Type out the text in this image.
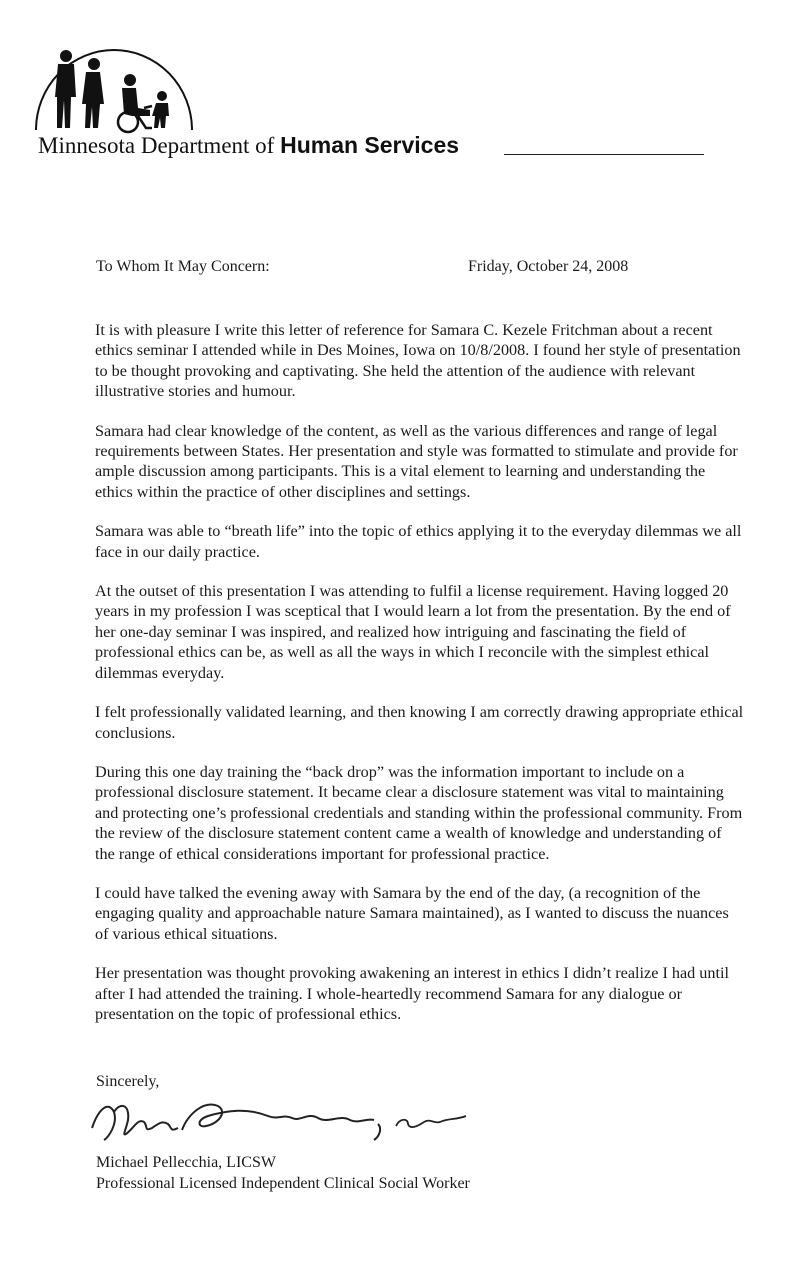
Minnesota Department of Human Services
To Whom It May Concern:	Friday, October 24, 2008

It is with pleasure I write this letter of reference for Samara C. Kezele Fritchman about a recent ethics seminar I attended while in Des Moines, Iowa on 10/8/2008. I found her style of presentation to be thought provoking and captivating. She held the attention of the audience with relevant illustrative stories and humour.

Samara had clear knowledge of the content, as well as the various differences and range of legal requirements between States. Her presentation and style was formatted to stimulate and provide for ample discussion among participants. This is a vital element to learning and understanding the ethics within the practice of other disciplines and settings.

Samara was able to “breath life” into the topic of ethics applying it to the everyday dilemmas we all face in our daily practice.

At the outset of this presentation I was attending to fulfil a license requirement. Having logged 20 years in my profession I was sceptical that I would learn a lot from the presentation. By the end of her one-day seminar I was inspired, and realized how intriguing and fascinating the field of professional ethics can be, as well as all the ways in which I reconcile with the simplest ethical dilemmas everyday.

I felt professionally validated learning, and then knowing I am correctly drawing appropriate ethical conclusions.

During this one day training the “back drop” was the information important to include on a professional disclosure statement. It became clear a disclosure statement was vital to maintaining and protecting one’s professional credentials and standing within the professional community. From the review of the disclosure statement content came a wealth of knowledge and understanding of the range of ethical considerations important for professional practice.

I could have talked the evening away with Samara by the end of the day, (a recognition of the engaging quality and approachable nature Samara maintained), as I wanted to discuss the nuances of various ethical situations.

Her presentation was thought provoking awakening an interest in ethics I didn’t realize I had until after I had attended the training. I whole-heartedly recommend Samara for any dialogue or presentation on the topic of professional ethics.

Sincerely,
Michael Pellecchia, LICSW
Professional Licensed Independent Clinical Social Worker
